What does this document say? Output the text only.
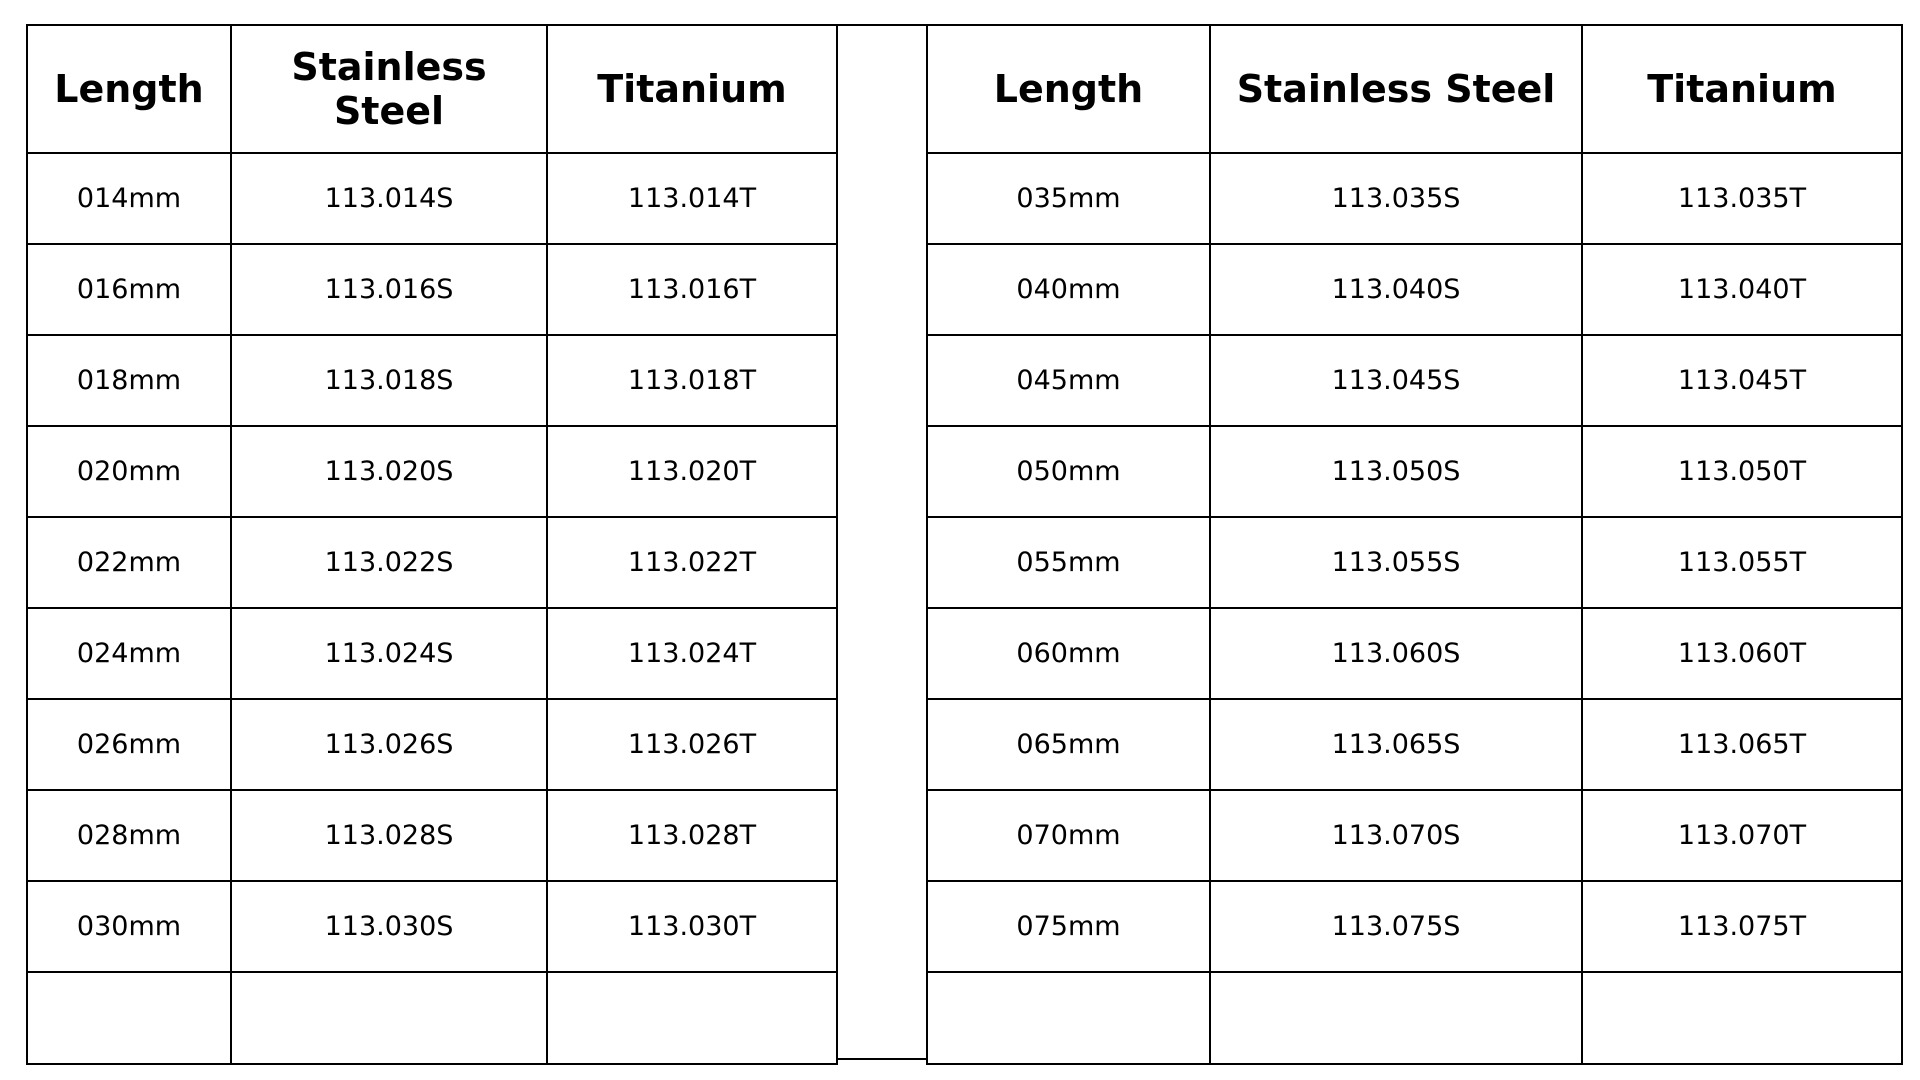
Length	Stainless Steel	Titanium
014mm	113.014S	113.014T
016mm	113.016S	113.016T
018mm	113.018S	113.018T
020mm	113.020S	113.020T
022mm	113.022S	113.022T
024mm	113.024S	113.024T
026mm	113.026S	113.026T
028mm	113.028S	113.028T
030mm	113.030S	113.030T

Length	Stainless Steel	Titanium
035mm	113.035S	113.035T
040mm	113.040S	113.040T
045mm	113.045S	113.045T
050mm	113.050S	113.050T
055mm	113.055S	113.055T
060mm	113.060S	113.060T
065mm	113.065S	113.065T
070mm	113.070S	113.070T
075mm	113.075S	113.075T
